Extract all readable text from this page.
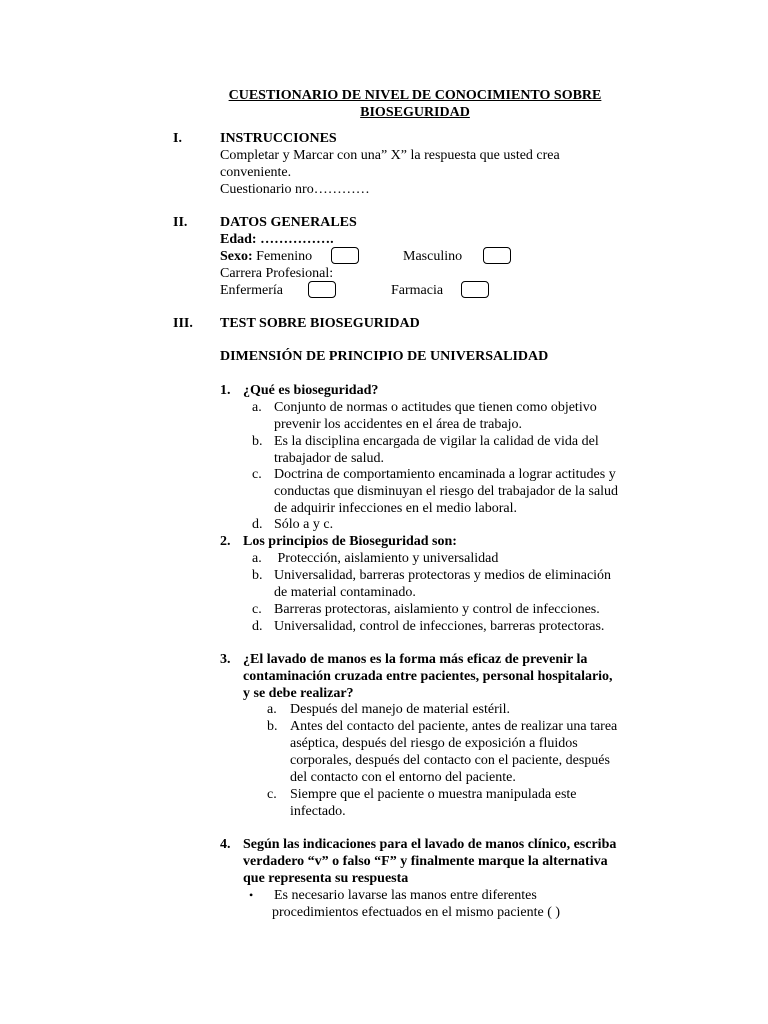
CUESTIONARIO DE NIVEL DE CONOCIMIENTO SOBRE
BIOSEGURIDAD
I.	INSTRUCCIONES
Completar y Marcar con una” X” la respuesta que usted crea
conveniente.
Cuestionario nro…………
II. DATOS GENERALES
Edad: …………….
Sexo: Femenino	Masculino
Carrera Profesional:
Enfermería	Farmacia
III. TEST SOBRE BIOSEGURIDAD
DIMENSIÓN DE PRINCIPIO DE UNIVERSALIDAD
1. ¿Qué es bioseguridad?
a. Conjunto de normas o actitudes que tienen como objetivo
prevenir los accidentes en el área de trabajo.
b. Es la disciplina encargada de vigilar la calidad de vida del
trabajador de salud.
c. Doctrina de comportamiento encaminada a lograr actitudes y
conductas que disminuyan el riesgo del trabajador de la salud
de adquirir infecciones en el medio laboral.
d. Sólo a y c.
2. Los principios de Bioseguridad son:
a. Protección, aislamiento y universalidad
b. Universalidad, barreras protectoras y medios de eliminación
de material contaminado.
c. Barreras protectoras, aislamiento y control de infecciones.
d. Universalidad, control de infecciones, barreras protectoras.
3. ¿El lavado de manos es la forma más eficaz de prevenir la
contaminación cruzada entre pacientes, personal hospitalario,
y se debe realizar?
a. Después del manejo de material estéril.
b. Antes del contacto del paciente, antes de realizar una tarea
aséptica, después del riesgo de exposición a fluidos
corporales, después del contacto con el paciente, después
del contacto con el entorno del paciente.
c. Siempre que el paciente o muestra manipulada este
infectado.
4. Según las indicaciones para el lavado de manos clínico, escriba
verdadero “v” o falso “F” y finalmente marque la alternativa
que representa su respuesta
• Es necesario lavarse las manos entre diferentes
procedimientos efectuados en el mismo paciente ( )
